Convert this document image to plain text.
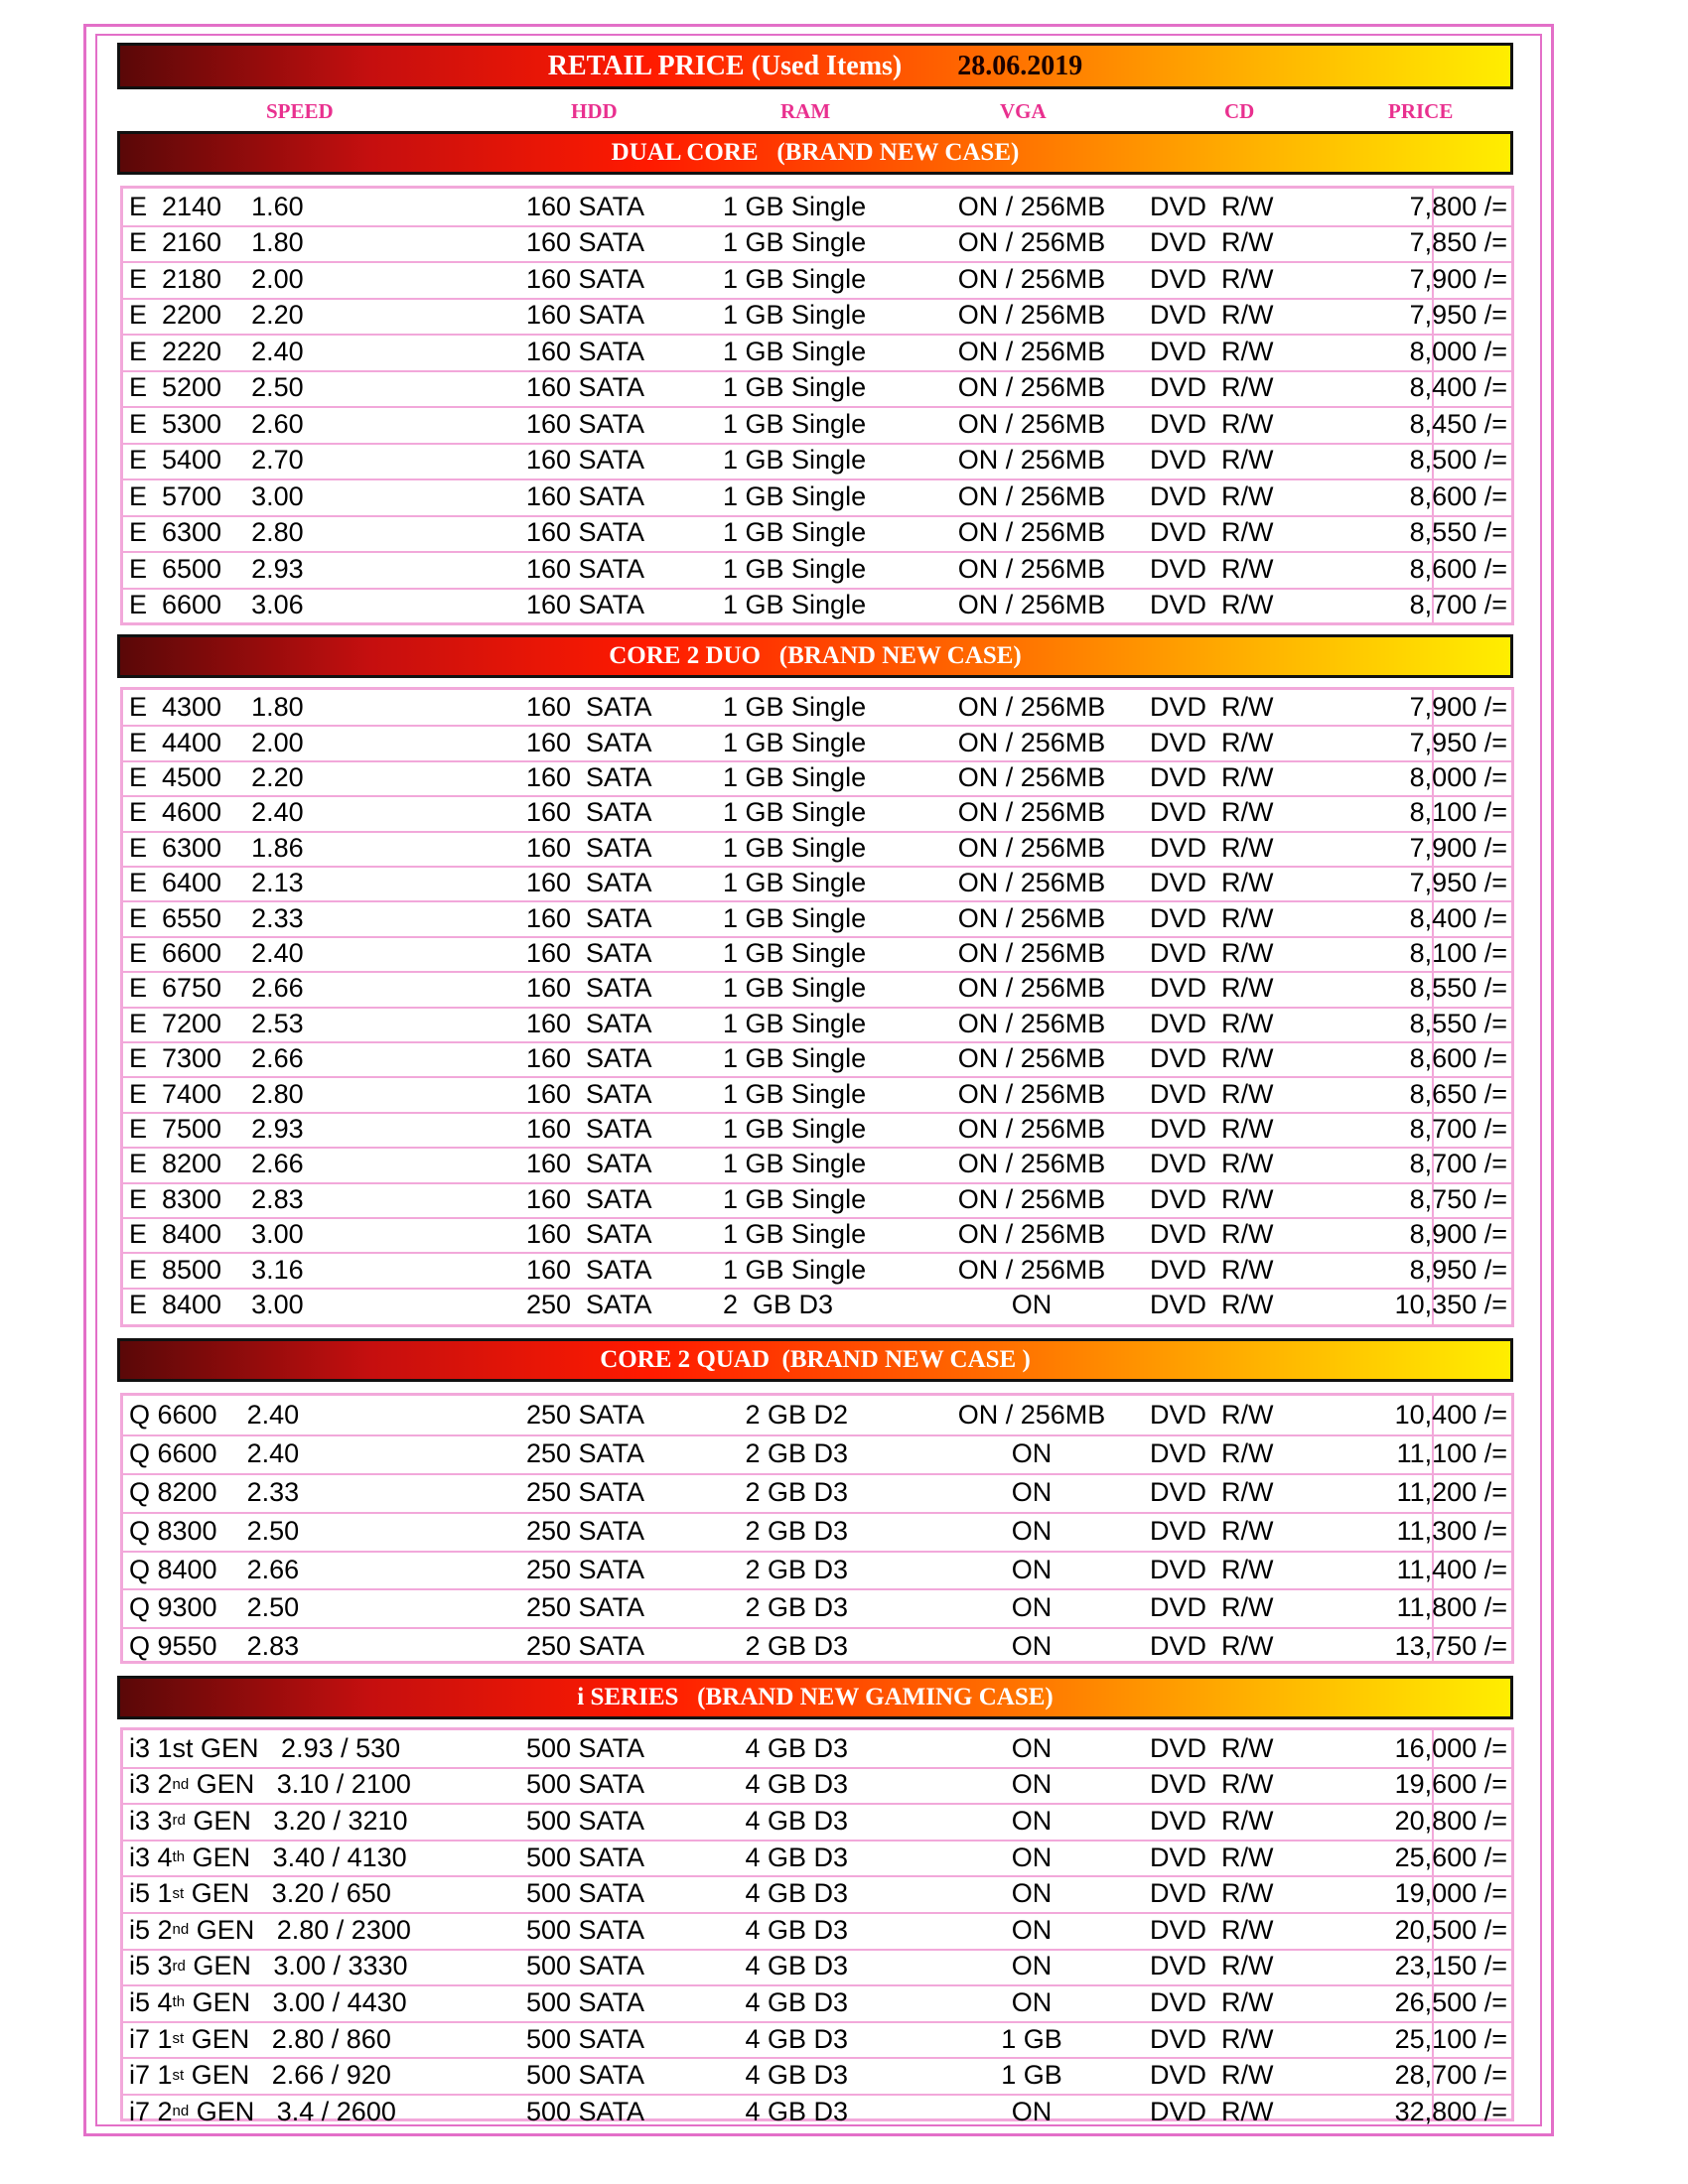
RETAIL PRICE (Used Items) 28.06.2019
SPEED	HDD	RAM	VGA	CD	PRICE
DUAL CORE   (BRAND NEW CASE)
E  2140    1.60	160 SATA	1 GB Single	ON / 256MB	DVD  R/W	7,800 /=
E  2160    1.80	160 SATA	1 GB Single	ON / 256MB	DVD  R/W	7,850 /=
E  2180    2.00	160 SATA	1 GB Single	ON / 256MB	DVD  R/W	7,900 /=
E  2200    2.20	160 SATA	1 GB Single	ON / 256MB	DVD  R/W	7,950 /=
E  2220    2.40	160 SATA	1 GB Single	ON / 256MB	DVD  R/W	8,000 /=
E  5200    2.50	160 SATA	1 GB Single	ON / 256MB	DVD  R/W	8,400 /=
E  5300    2.60	160 SATA	1 GB Single	ON / 256MB	DVD  R/W	8,450 /=
E  5400    2.70	160 SATA	1 GB Single	ON / 256MB	DVD  R/W	8,500 /=
E  5700    3.00	160 SATA	1 GB Single	ON / 256MB	DVD  R/W	8,600 /=
E  6300    2.80	160 SATA	1 GB Single	ON / 256MB	DVD  R/W	8,550 /=
E  6500    2.93	160 SATA	1 GB Single	ON / 256MB	DVD  R/W	8,600 /=
E  6600    3.06	160 SATA	1 GB Single	ON / 256MB	DVD  R/W	8,700 /=
CORE 2 DUO   (BRAND NEW CASE)
E  4300    1.80	160  SATA	1 GB Single	ON / 256MB	DVD  R/W	7,900 /=
E  4400    2.00	160  SATA	1 GB Single	ON / 256MB	DVD  R/W	7,950 /=
E  4500    2.20	160  SATA	1 GB Single	ON / 256MB	DVD  R/W	8,000 /=
E  4600    2.40	160  SATA	1 GB Single	ON / 256MB	DVD  R/W	8,100 /=
E  6300    1.86	160  SATA	1 GB Single	ON / 256MB	DVD  R/W	7,900 /=
E  6400    2.13	160  SATA	1 GB Single	ON / 256MB	DVD  R/W	7,950 /=
E  6550    2.33	160  SATA	1 GB Single	ON / 256MB	DVD  R/W	8,400 /=
E  6600    2.40	160  SATA	1 GB Single	ON / 256MB	DVD  R/W	8,100 /=
E  6750    2.66	160  SATA	1 GB Single	ON / 256MB	DVD  R/W	8,550 /=
E  7200    2.53	160  SATA	1 GB Single	ON / 256MB	DVD  R/W	8,550 /=
E  7300    2.66	160  SATA	1 GB Single	ON / 256MB	DVD  R/W	8,600 /=
E  7400    2.80	160  SATA	1 GB Single	ON / 256MB	DVD  R/W	8,650 /=
E  7500    2.93	160  SATA	1 GB Single	ON / 256MB	DVD  R/W	8,700 /=
E  8200    2.66	160  SATA	1 GB Single	ON / 256MB	DVD  R/W	8,700 /=
E  8300    2.83	160  SATA	1 GB Single	ON / 256MB	DVD  R/W	8,750 /=
E  8400    3.00	160  SATA	1 GB Single	ON / 256MB	DVD  R/W	8,900 /=
E  8500    3.16	160  SATA	1 GB Single	ON / 256MB	DVD  R/W	8,950 /=
E  8400    3.00	250  SATA	2  GB D3	ON	DVD  R/W	10,350 /=
CORE 2 QUAD  (BRAND NEW CASE )
Q 6600    2.40	250 SATA	2 GB D2	ON / 256MB	DVD  R/W	10,400 /=
Q 6600    2.40	250 SATA	2 GB D3	ON	DVD  R/W	11,100 /=
Q 8200    2.33	250 SATA	2 GB D3	ON	DVD  R/W	11,200 /=
Q 8300    2.50	250 SATA	2 GB D3	ON	DVD  R/W	11,300 /=
Q 8400    2.66	250 SATA	2 GB D3	ON	DVD  R/W	11,400 /=
Q 9300    2.50	250 SATA	2 GB D3	ON	DVD  R/W	11,800 /=
Q 9550    2.83	250 SATA	2 GB D3	ON	DVD  R/W	13,750 /=
i SERIES   (BRAND NEW GAMING CASE)
i3 1st GEN   2.93 / 530	500 SATA	4 GB D3	ON	DVD  R/W	16,000 /=
i3 2 nd GEN   3.10 / 2100	500 SATA	4 GB D3	ON	DVD  R/W	19,600 /=
i3 3 rd GEN   3.20 / 3210	500 SATA	4 GB D3	ON	DVD  R/W	20,800 /=
i3 4 th GEN   3.40 / 4130	500 SATA	4 GB D3	ON	DVD  R/W	25,600 /=
i5 1 st GEN   3.20 / 650	500 SATA	4 GB D3	ON	DVD  R/W	19,000 /=
i5 2 nd GEN   2.80 / 2300	500 SATA	4 GB D3	ON	DVD  R/W	20,500 /=
i5 3 rd GEN   3.00 / 3330	500 SATA	4 GB D3	ON	DVD  R/W	23,150 /=
i5 4 th GEN   3.00 / 4430	500 SATA	4 GB D3	ON	DVD  R/W	26,500 /=
i7 1 st GEN   2.80 / 860	500 SATA	4 GB D3	1 GB	DVD  R/W	25,100 /=
i7 1 st GEN   2.66 / 920	500 SATA	4 GB D3	1 GB	DVD  R/W	28,700 /=
i7 2 nd GEN   3.4 / 2600	500 SATA	4 GB D3	ON	DVD  R/W	32,800 /=
